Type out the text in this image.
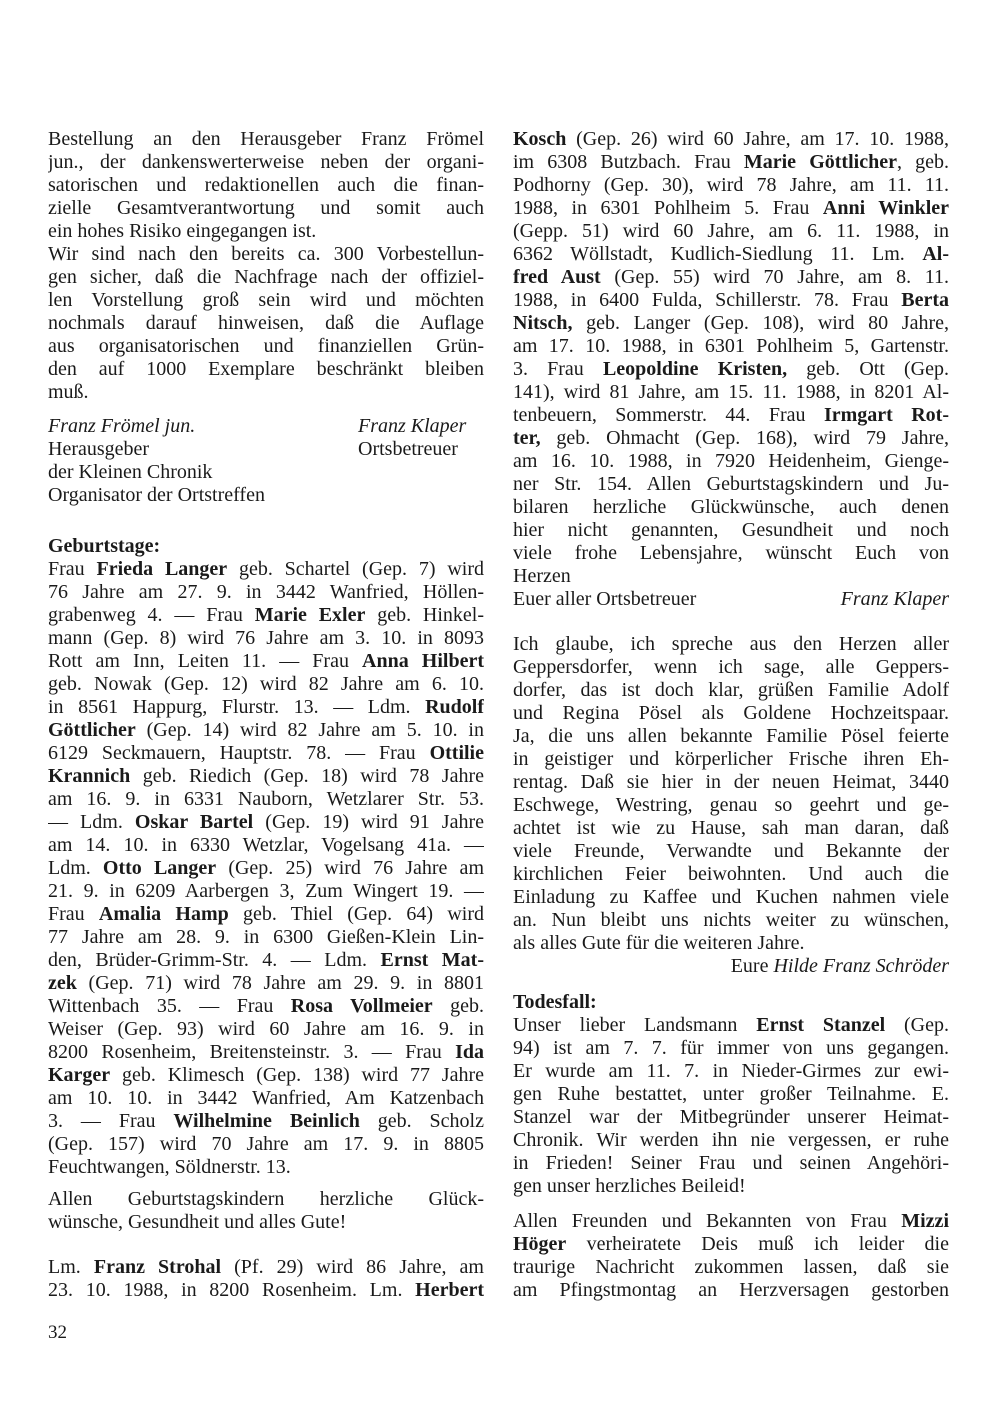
Bestellung an den Herausgeber Franz Frömel
jun., der dankenswerterweise neben der organi-
satorischen und redaktionellen auch die finan-
zielle Gesamtverantwortung und somit auch
ein hohes Risiko eingegangen ist.
Wir sind nach den bereits ca. 300 Vorbestellun-
gen sicher, daß die Nachfrage nach der offiziel-
len Vorstellung groß sein wird und möchten
nochmals darauf hinweisen, daß die Auflage
aus organisatorischen und finanziellen Grün-
den auf 1000 Exemplare beschränkt bleiben
muß.
Franz Frömel jun.	Franz Klaper
Herausgeber	Ortsbetreuer
der Kleinen Chronik
Organisator der Ortstreffen
Geburtstage:
Frau Frieda Langer geb. Schartel (Gep. 7) wird
76 Jahre am 27. 9. in 3442 Wanfried, Höllen-
grabenweg 4. — Frau Marie Exler geb. Hinkel-
mann (Gep. 8) wird 76 Jahre am 3. 10. in 8093
Rott am Inn, Leiten 11. — Frau Anna Hilbert
geb. Nowak (Gep. 12) wird 82 Jahre am 6. 10.
in 8561 Happurg, Flurstr. 13. — Ldm. Rudolf
Göttlicher (Gep. 14) wird 82 Jahre am 5. 10. in
6129 Seckmauern, Hauptstr. 78. — Frau Ottilie
Krannich geb. Riedich (Gep. 18) wird 78 Jahre
am 16. 9. in 6331 Nauborn, Wetzlarer Str. 53.
— Ldm. Oskar Bartel (Gep. 19) wird 91 Jahre
am 14. 10. in 6330 Wetzlar, Vogelsang 41a. —
Ldm. Otto Langer (Gep. 25) wird 76 Jahre am
21. 9. in 6209 Aarbergen 3, Zum Wingert 19. —
Frau Amalia Hamp geb. Thiel (Gep. 64) wird
77 Jahre am 28. 9. in 6300 Gießen-Klein Lin-
den, Brüder-Grimm-Str. 4. — Ldm. Ernst Mat-
zek (Gep. 71) wird 78 Jahre am 29. 9. in 8801
Wittenbach 35. — Frau Rosa Vollmeier geb.
Weiser (Gep. 93) wird 60 Jahre am 16. 9. in
8200 Rosenheim, Breitensteinstr. 3. — Frau Ida
Karger geb. Klimesch (Gep. 138) wird 77 Jahre
am 10. 10. in 3442 Wanfried, Am Katzenbach
3. — Frau Wilhelmine Beinlich geb. Scholz
(Gep. 157) wird 70 Jahre am 17. 9. in 8805
Feuchtwangen, Söldnerstr. 13.
Allen Geburtstagskindern herzliche Glück-
wünsche, Gesundheit und alles Gute!
Lm. Franz Strohal (Pf. 29) wird 86 Jahre, am
23. 10. 1988, in 8200 Rosenheim. Lm. Herbert
Kosch (Gep. 26) wird 60 Jahre, am 17. 10. 1988,
im 6308 Butzbach. Frau Marie Göttlicher, geb.
Podhorny (Gep. 30), wird 78 Jahre, am 11. 11.
1988, in 6301 Pohlheim 5. Frau Anni Winkler
(Gepp. 51) wird 60 Jahre, am 6. 11. 1988, in
6362 Wöllstadt, Kudlich-Siedlung 11. Lm. Al-
fred Aust (Gep. 55) wird 70 Jahre, am 8. 11.
1988, in 6400 Fulda, Schillerstr. 78. Frau Berta
Nitsch, geb. Langer (Gep. 108), wird 80 Jahre,
am 17. 10. 1988, in 6301 Pohlheim 5, Gartenstr.
3. Frau Leopoldine Kristen, geb. Ott (Gep.
141), wird 81 Jahre, am 15. 11. 1988, in 8201 Al-
tenbeuern, Sommerstr. 44. Frau Irmgart Rot-
ter, geb. Ohmacht (Gep. 168), wird 79 Jahre,
am 16. 10. 1988, in 7920 Heidenheim, Gienge-
ner Str. 154. Allen Geburtstagskindern und Ju-
bilaren herzliche Glückwünsche, auch denen
hier nicht genannten, Gesundheit und noch
viele frohe Lebensjahre, wünscht Euch von
Herzen
Euer aller Ortsbetreuer	Franz Klaper
Ich glaube, ich spreche aus den Herzen aller
Geppersdorfer, wenn ich sage, alle Geppers-
dorfer, das ist doch klar, grüßen Familie Adolf
und Regina Pösel als Goldene Hochzeitspaar.
Ja, die uns allen bekannte Familie Pösel feierte
in geistiger und körperlicher Frische ihren Eh-
rentag. Daß sie hier in der neuen Heimat, 3440
Eschwege, Westring, genau so geehrt und ge-
achtet ist wie zu Hause, sah man daran, daß
viele Freunde, Verwandte und Bekannte der
kirchlichen Feier beiwohnten. Und auch die
Einladung zu Kaffee und Kuchen nahmen viele
an. Nun bleibt uns nichts weiter zu wünschen,
als alles Gute für die weiteren Jahre.
Eure Hilde Franz Schröder
Todesfall:
Unser lieber Landsmann Ernst Stanzel (Gep.
94) ist am 7. 7. für immer von uns gegangen.
Er wurde am 11. 7. in Nieder-Girmes zur ewi-
gen Ruhe bestattet, unter großer Teilnahme. E.
Stanzel war der Mitbegründer unserer Heimat-
Chronik. Wir werden ihn nie vergessen, er ruhe
in Frieden! Seiner Frau und seinen Angehöri-
gen unser herzliches Beileid!
Allen Freunden und Bekannten von Frau Mizzi
Höger verheiratete Deis muß ich leider die
traurige Nachricht zukommen lassen, daß sie
am Pfingstmontag an Herzversagen gestorben
32
